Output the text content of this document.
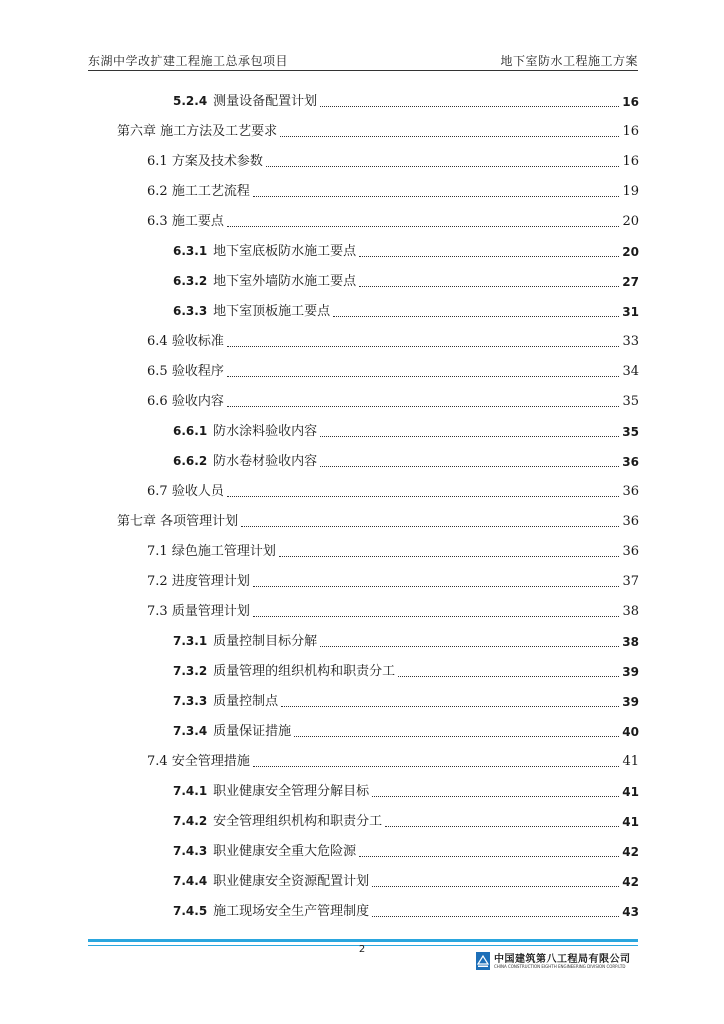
东湖中学改扩建工程施工总承包项目	地下室防水工程施工方案
5.2.4 测量设备配置计划	16
第六章 施工方法及工艺要求	16
6.1 方案及技术参数	16
6.2 施工工艺流程	19
6.3 施工要点	20
6.3.1 地下室底板防水施工要点	20
6.3.2 地下室外墙防水施工要点	27
6.3.3 地下室顶板施工要点	31
6.4 验收标准	33
6.5 验收程序	34
6.6 验收内容	35
6.6.1 防水涂料验收内容	35
6.6.2 防水卷材验收内容	36
6.7 验收人员	36
第七章 各项管理计划	36
7.1 绿色施工管理计划	36
7.2 进度管理计划	37
7.3 质量管理计划	38
7.3.1 质量控制目标分解	38
7.3.2 质量管理的组织机构和职责分工	39
7.3.3 质量控制点	39
7.3.4 质量保证措施	40
7.4 安全管理措施	41
7.4.1 职业健康安全管理分解目标	41
7.4.2 安全管理组织机构和职责分工	41
7.4.3 职业健康安全重大危险源	42
7.4.4 职业健康安全资源配置计划	42
7.4.5 施工现场安全生产管理制度	43
2
中国建筑第八工程局有限公司
CHINA CONSTRUCTION EIGHTH ENGINEERING DIVISION CORP.LTD
